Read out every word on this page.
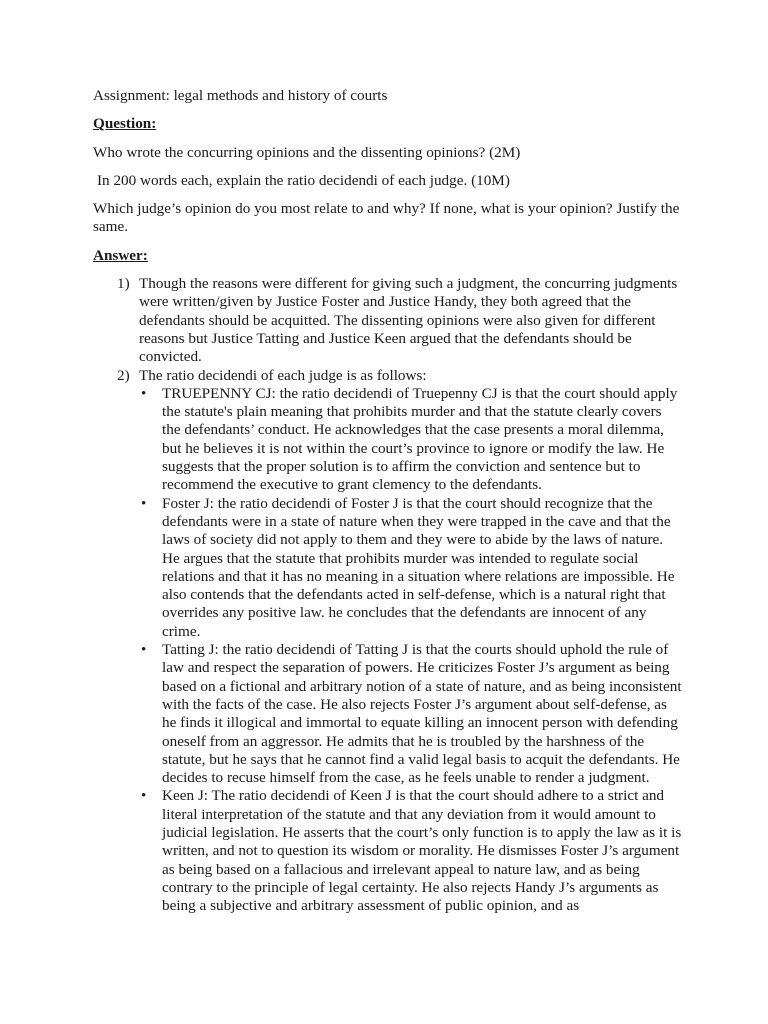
Assignment: legal methods and history of courts
Question:
Who wrote the concurring opinions and the dissenting opinions? (2M)
In 200 words each, explain the ratio decidendi of each judge. (10M)
Which judge’s opinion do you most relate to and why? If none, what is your opinion? Justify the same.
Answer:
1) Though the reasons were different for giving such a judgment, the concurring judgments were written/given by Justice Foster and Justice Handy, they both agreed that the defendants should be acquitted. The dissenting opinions were also given for different reasons but Justice Tatting and Justice Keen argued that the defendants should be convicted.
2) The ratio decidendi of each judge is as follows:
• TRUEPENNY CJ: the ratio decidendi of Truepenny CJ is that the court should apply the statute's plain meaning that prohibits murder and that the statute clearly covers the defendants’ conduct. He acknowledges that the case presents a moral dilemma, but he believes it is not within the court’s province to ignore or modify the law. He suggests that the proper solution is to affirm the conviction and sentence but to recommend the executive to grant clemency to the defendants.
• Foster J: the ratio decidendi of Foster J is that the court should recognize that the defendants were in a state of nature when they were trapped in the cave and that the laws of society did not apply to them and they were to abide by the laws of nature. He argues that the statute that prohibits murder was intended to regulate social relations and that it has no meaning in a situation where relations are impossible. He also contends that the defendants acted in self-defense, which is a natural right that overrides any positive law. he concludes that the defendants are innocent of any crime.
• Tatting J: the ratio decidendi of Tatting J is that the courts should uphold the rule of law and respect the separation of powers. He criticizes Foster J’s argument as being based on a fictional and arbitrary notion of a state of nature, and as being inconsistent with the facts of the case. He also rejects Foster J’s argument about self-defense, as he finds it illogical and immortal to equate killing an innocent person with defending oneself from an aggressor. He admits that he is troubled by the harshness of the statute, but he says that he cannot find a valid legal basis to acquit the defendants. He decides to recuse himself from the case, as he feels unable to render a judgment.
• Keen J: The ratio decidendi of Keen J is that the court should adhere to a strict and literal interpretation of the statute and that any deviation from it would amount to judicial legislation. He asserts that the court’s only function is to apply the law as it is written, and not to question its wisdom or morality. He dismisses Foster J’s argument as being based on a fallacious and irrelevant appeal to nature law, and as being contrary to the principle of legal certainty. He also rejects Handy J’s arguments as being a subjective and arbitrary assessment of public opinion, and as
